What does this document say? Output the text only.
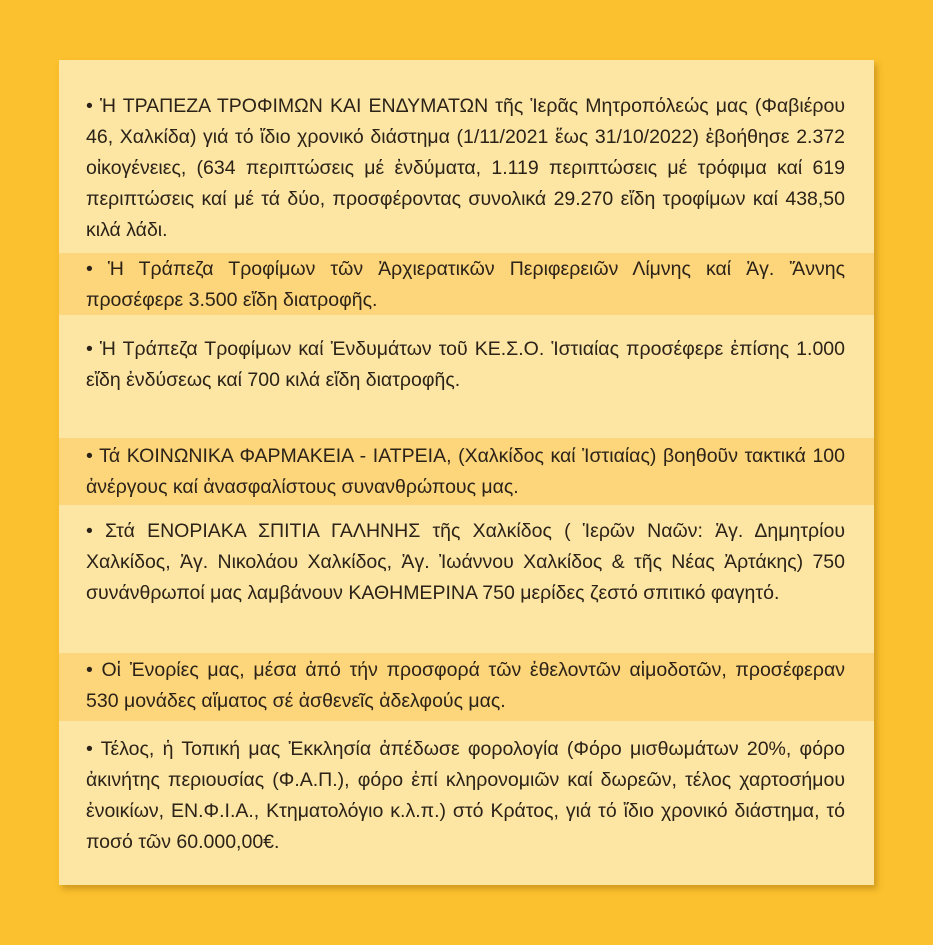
• Ἡ ΤΡΑΠΕΖΑ ΤΡΟΦΙΜΩΝ ΚΑΙ ΕΝΔΥΜΑΤΩΝ τῆς Ἱερᾶς Μητροπόλεώς μας (Φαβιέρου 46, Χαλκίδα) γιά τό ἴδιο χρονικό διάστημα (1/11/2021 ἕως 31/10/2022) ἐβοήθησε 2.372 οἰκογένειες, (634 περιπτώσεις μέ ἐνδύματα, 1.119 περιπτώσεις μέ τρόφιμα καί 619 περιπτώσεις καί μέ τά δύο, προσφέροντας συνολικά 29.270 εἴδη τροφίμων καί 438,50 κιλά λάδι.

• Ἡ Τράπεζα Τροφίμων τῶν Ἀρχιερατικῶν Περιφερειῶν Λίμνης καί Ἁγ. Ἄννης προσέφερε 3.500 εἴδη διατροφῆς.

• Ἡ Τράπεζα Τροφίμων καί Ἐνδυμάτων τοῦ ΚΕ.Σ.Ο. Ἱστιαίας προσέφερε ἐπίσης 1.000 εἴδη ἐνδύσεως καί 700 κιλά εἴδη διατροφῆς.

• Τά ΚΟΙΝΩΝΙΚΑ ΦΑΡΜΑΚΕΙΑ - ΙΑΤΡΕΙΑ, (Χαλκίδος καί Ἱστιαίας) βοηθοῦν τακτικά 100 ἀνέργους καί ἀνασφαλίστους συνανθρώπους μας.

• Στά ΕΝΟΡΙΑΚΑ ΣΠΙΤΙΑ ΓΑΛΗΝΗΣ τῆς Χαλκίδος ( Ἱερῶν Ναῶν: Ἁγ. Δημητρίου Χαλκίδος, Ἁγ. Νικολάου Χαλκίδος, Ἁγ. Ἰωάννου Χαλκίδος & τῆς Νέας Ἀρτάκης) 750 συνάνθρωποί μας λαμβάνουν ΚΑΘΗΜΕΡΙΝΑ 750 μερίδες ζεστό σπιτικό φαγητό.

• Οἱ Ἐνορίες μας, μέσα ἀπό τήν προσφορά τῶν ἐθελοντῶν αἱμοδοτῶν, προσέφεραν 530 μονάδες αἵματος σέ ἀσθενεῖς ἀδελφούς μας.

• Τέλος, ἡ Τοπική μας Ἐκκλησία ἀπέδωσε φορολογία (Φόρο μισθωμάτων 20%, φόρο ἀκινήτης περιουσίας (Φ.Α.Π.), φόρο ἐπί κληρονομιῶν καί δωρεῶν, τέλος χαρτοσήμου ἐνοικίων, ΕΝ.Φ.Ι.Α., Κτηματολόγιο κ.λ.π.) στό Κράτος, γιά τό ἴδιο χρονικό διάστημα, τό ποσό τῶν 60.000,00€.
